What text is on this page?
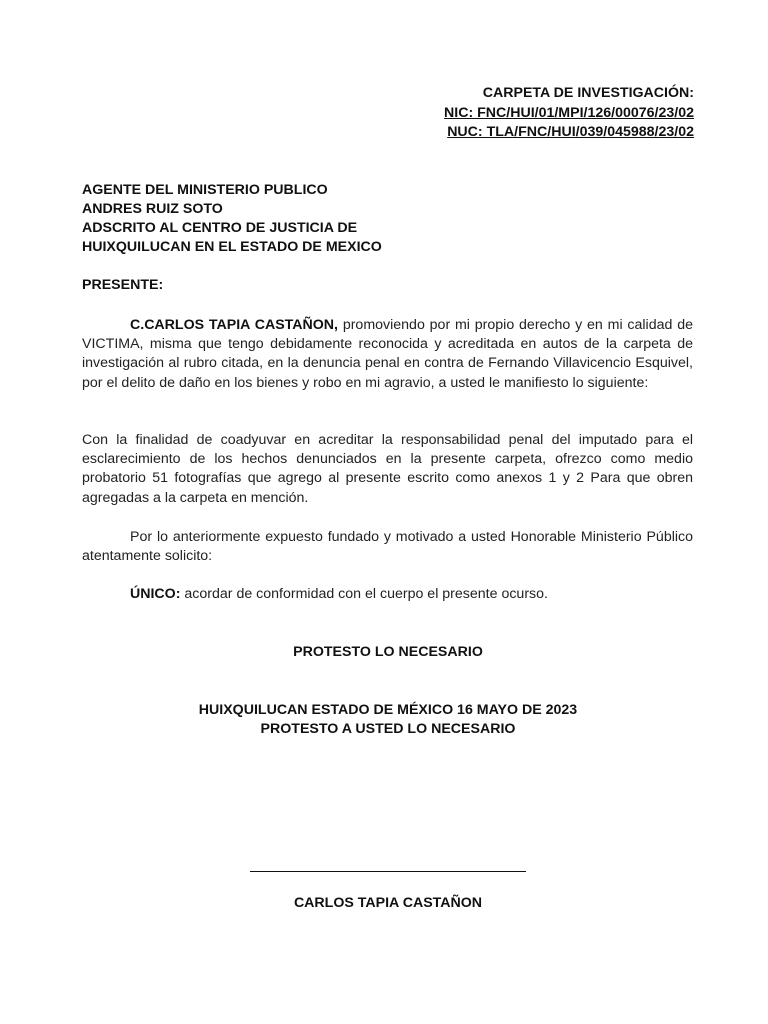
CARPETA DE INVESTIGACIÓN:
NIC: FNC/HUI/01/MPI/126/00076/23/02
NUC: TLA/FNC/HUI/039/045988/23/02
AGENTE DEL MINISTERIO PUBLICO
ANDRES RUIZ SOTO
ADSCRITO AL CENTRO DE JUSTICIA DE
HUIXQUILUCAN EN EL ESTADO DE MEXICO
PRESENTE:
C.CARLOS TAPIA CASTAÑON, promoviendo por mi propio derecho y en mi calidad de VICTIMA, misma que tengo debidamente reconocida y acreditada en autos de la carpeta de investigación al rubro citada, en la denuncia penal en contra de Fernando Villavicencio Esquivel, por el delito de daño en los bienes y robo en mi agravio, a usted le manifiesto lo siguiente:
Con la finalidad de coadyuvar en acreditar la responsabilidad penal del imputado para el esclarecimiento de los hechos denunciados en la presente carpeta, ofrezco como medio probatorio 51 fotografías que agrego al presente escrito como anexos 1 y 2 Para que obren agregadas a la carpeta en mención.
Por lo anteriormente expuesto fundado y motivado a usted Honorable Ministerio Público atentamente solicito:
ÚNICO: acordar de conformidad con el cuerpo el presente ocurso.
PROTESTO LO NECESARIO
HUIXQUILUCAN ESTADO DE MÉXICO 16 MAYO DE 2023
PROTESTO A USTED LO NECESARIO
CARLOS TAPIA CASTAÑON
